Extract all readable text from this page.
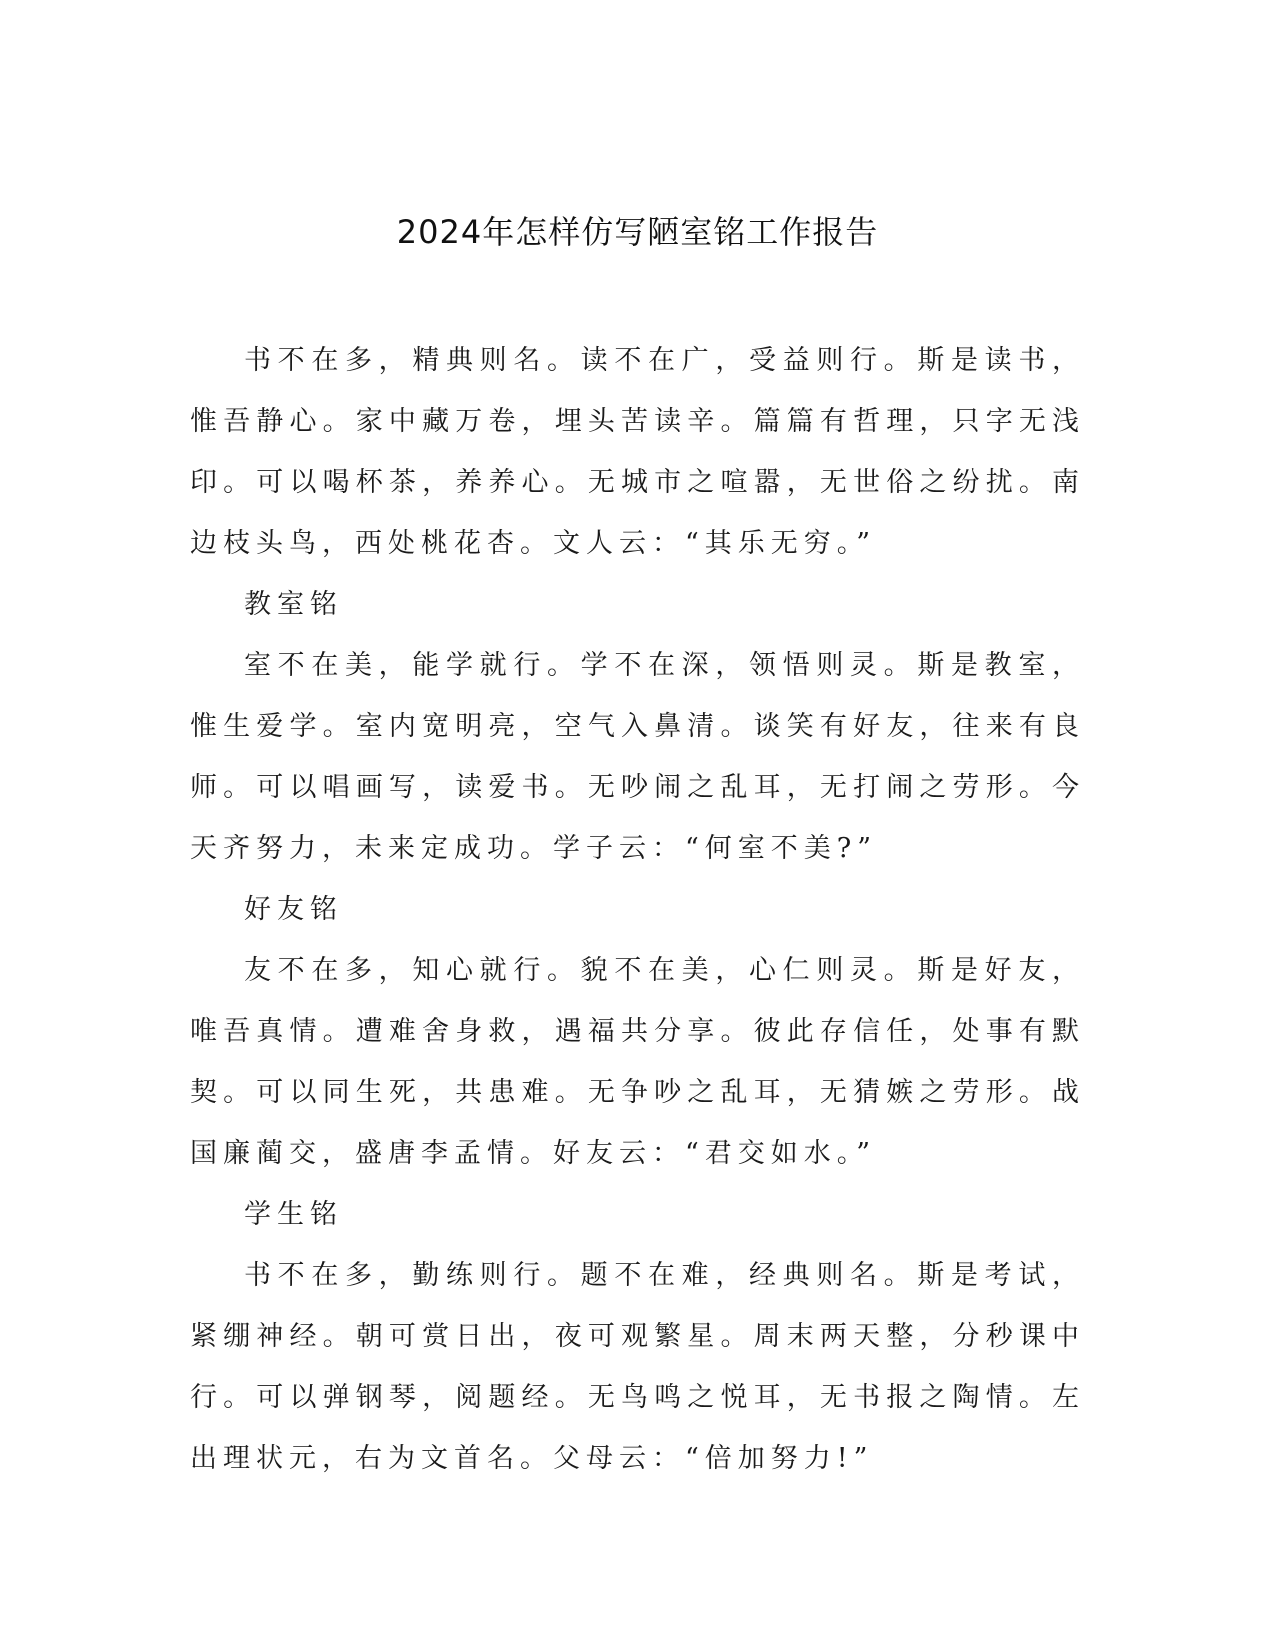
2024年怎样仿写陋室铭工作报告

书不在多，精典则名。读不在广，受益则行。斯是读书，惟吾静心。家中藏万卷，埋头苦读辛。篇篇有哲理，只字无浅印。可以喝杯茶，养养心。无城市之喧嚣，无世俗之纷扰。南边枝头鸟，西处桃花杏。文人云：“其乐无穷。”

教室铭

室不在美，能学就行。学不在深，领悟则灵。斯是教室，惟生爱学。室内宽明亮，空气入鼻清。谈笑有好友，往来有良师。可以唱画写，读爱书。无吵闹之乱耳，无打闹之劳形。今天齐努力，未来定成功。学子云：“何室不美?”

好友铭

友不在多，知心就行。貌不在美，心仁则灵。斯是好友，唯吾真情。遭难舍身救，遇福共分享。彼此存信任，处事有默契。可以同生死，共患难。无争吵之乱耳，无猜嫉之劳形。战国廉蔺交，盛唐李孟情。好友云：“君交如水。”

学生铭

书不在多，勤练则行。题不在难，经典则名。斯是考试，紧绷神经。朝可赏日出，夜可观繁星。周末两天整，分秒课中行。可以弹钢琴，阅题经。无鸟鸣之悦耳，无书报之陶情。左出理状元，右为文首名。父母云：“倍加努力!”
